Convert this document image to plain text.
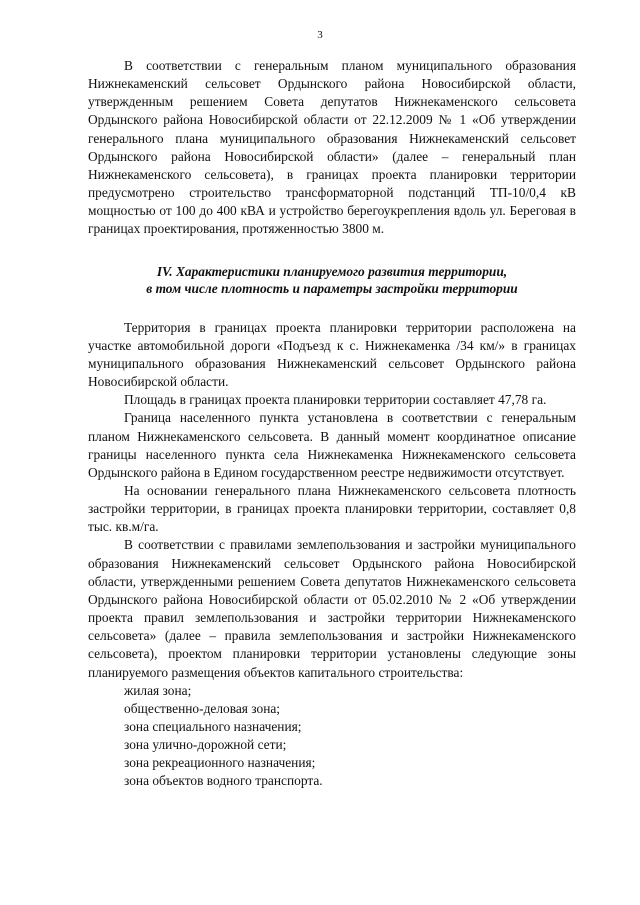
3

В соответствии с генеральным планом муниципального образования Нижнекаменский сельсовет Ордынского района Новосибирской области, утвержденным решением Совета депутатов Нижнекаменского сельсовета Ордынского района Новосибирской области от 22.12.2009 № 1 «Об утверждении генерального плана муниципального образования Нижнекаменский сельсовет Ордынского района Новосибирской области» (далее – генеральный план Нижнекаменского сельсовета), в границах проекта планировки территории предусмотрено строительство трансформаторной подстанций ТП-10/0,4 кВ мощностью от 100 до 400 кВА и устройство берегоукрепления вдоль ул. Береговая в границах проектирования, протяженностью 3800 м.

IV. Характеристики планируемого развития территории,
в том числе плотность и параметры застройки территории

Территория в границах проекта планировки территории расположена на участке автомобильной дороги «Подъезд к с. Нижнекаменка /34 км/» в границах муниципального образования Нижнекаменский сельсовет Ордынского района Новосибирской области.

Площадь в границах проекта планировки территории составляет 47,78 га.

Граница населенного пункта установлена в соответствии с генеральным планом Нижнекаменского сельсовета. В данный момент координатное описание границы населенного пункта села Нижнекаменка Нижнекаменского сельсовета Ордынского района в Едином государственном реестре недвижимости отсутствует.

На основании генерального плана Нижнекаменского сельсовета плотность застройки территории, в границах проекта планировки территории, составляет 0,8 тыс. кв.м/га.

В соответствии с правилами землепользования и застройки муниципального образования Нижнекаменский сельсовет Ордынского района Новосибирской области, утвержденными решением Совета депутатов Нижнекаменского сельсовета Ордынского района Новосибирской области от 05.02.2010 № 2 «Об утверждении проекта правил землепользования и застройки территории Нижнекаменского сельсовета» (далее – правила землепользования и застройки Нижнекаменского сельсовета), проектом планировки территории установлены следующие зоны планируемого размещения объектов капитального строительства:

жилая зона;
общественно-деловая зона;
зона специального назначения;
зона улично-дорожной сети;
зона рекреационного назначения;
зона объектов водного транспорта.
